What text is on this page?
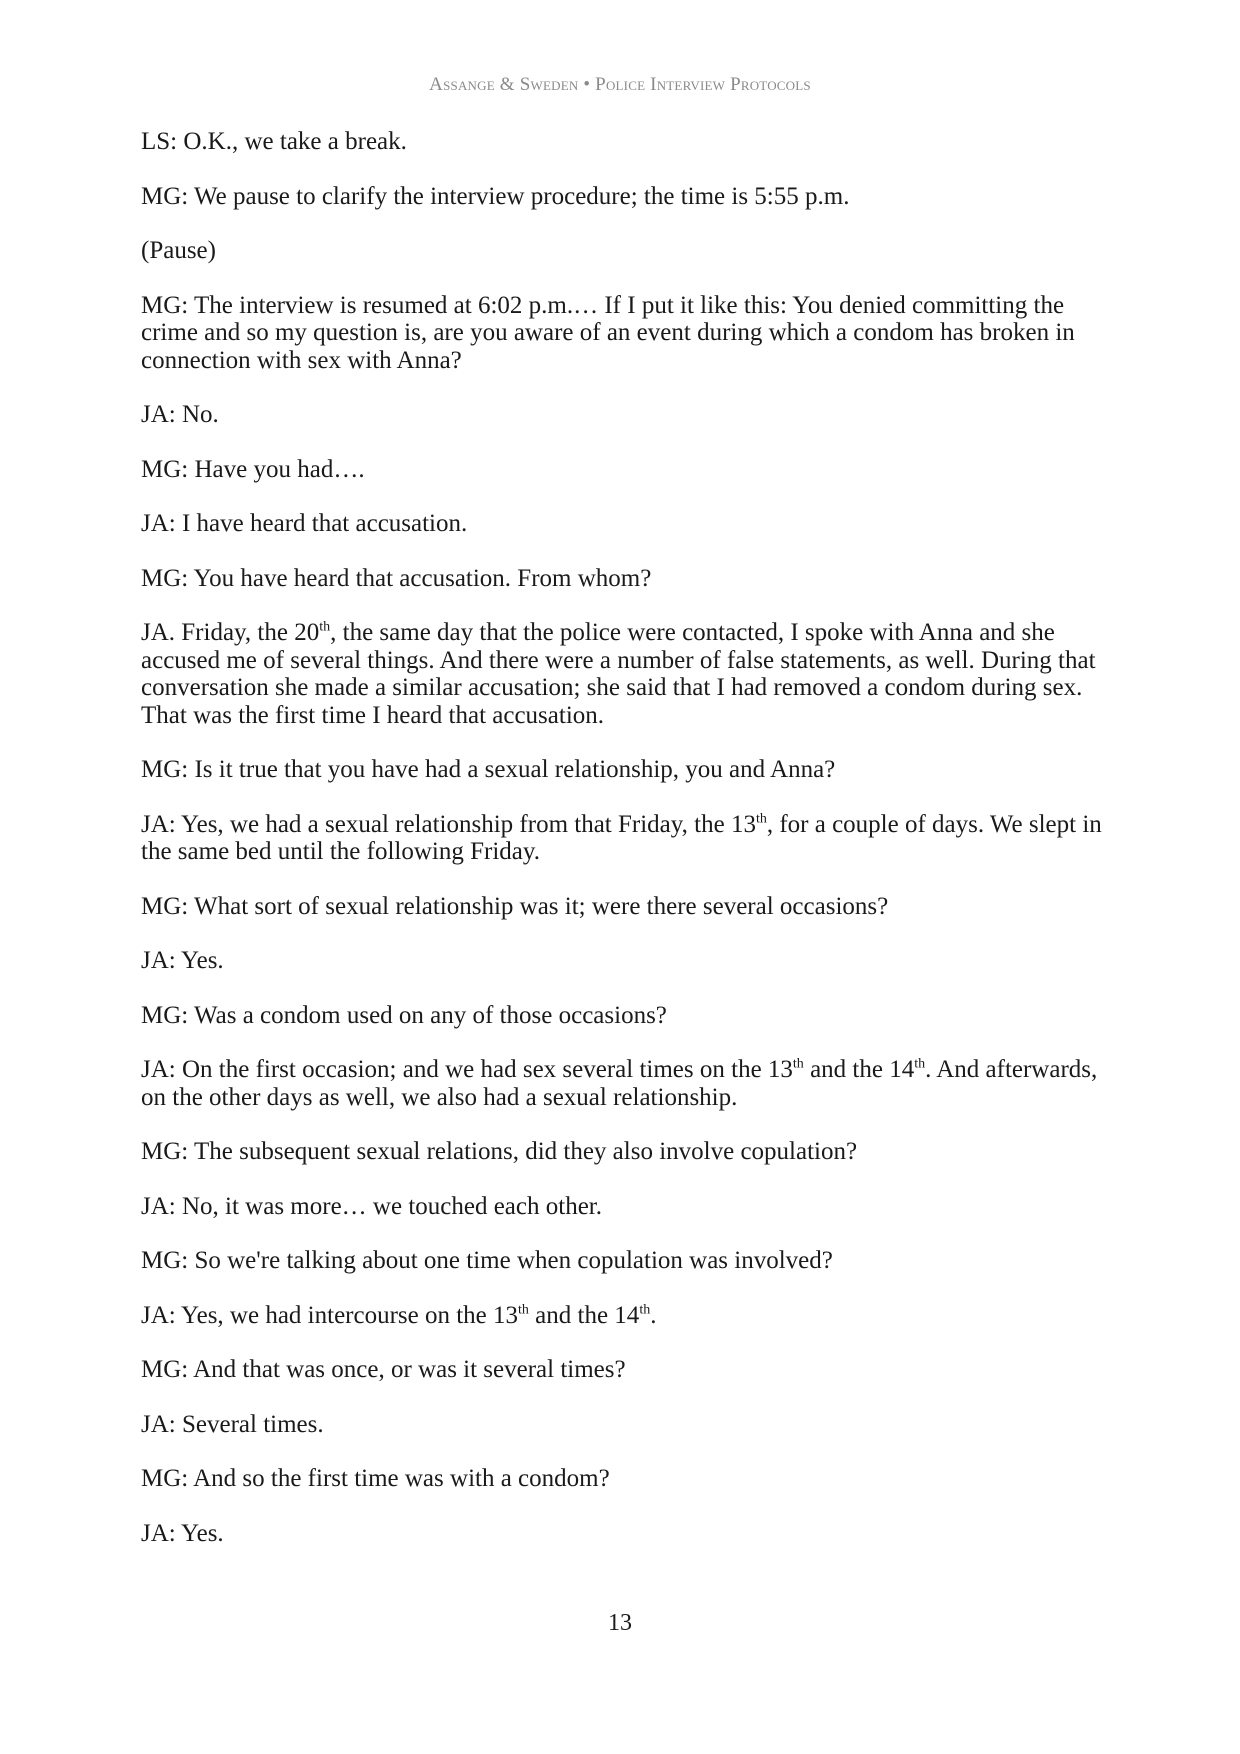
Assange & Sweden • Police Interview Protocols

LS: O.K., we take a break.

MG: We pause to clarify the interview procedure; the time is 5:55 p.m.

(Pause)

MG: The interview is resumed at 6:02 p.m.… If I put it like this: You denied committing the crime and so my question is, are you aware of an event during which a condom has broken in connection with sex with Anna?

JA: No.

MG: Have you had….

JA: I have heard that accusation.

MG: You have heard that accusation. From whom?

JA. Friday, the 20th, the same day that the police were contacted, I spoke with Anna and she accused me of several things. And there were a number of false statements, as well. During that conversation she made a similar accusation; she said that I had removed a condom during sex. That was the first time I heard that accusation.

MG: Is it true that you have had a sexual relationship, you and Anna?

JA: Yes, we had a sexual relationship from that Friday, the 13th, for a couple of days. We slept in the same bed until the following Friday.

MG: What sort of sexual relationship was it; were there several occasions?

JA: Yes.

MG: Was a condom used on any of those occasions?

JA: On the first occasion; and we had sex several times on the 13th and the 14th. And afterwards, on the other days as well, we also had a sexual relationship.

MG: The subsequent sexual relations, did they also involve copulation?

JA: No, it was more… we touched each other.

MG: So we're talking about one time when copulation was involved?

JA: Yes, we had intercourse on the 13th and the 14th.

MG: And that was once, or was it several times?

JA: Several times.

MG: And so the first time was with a condom?

JA: Yes.

13
